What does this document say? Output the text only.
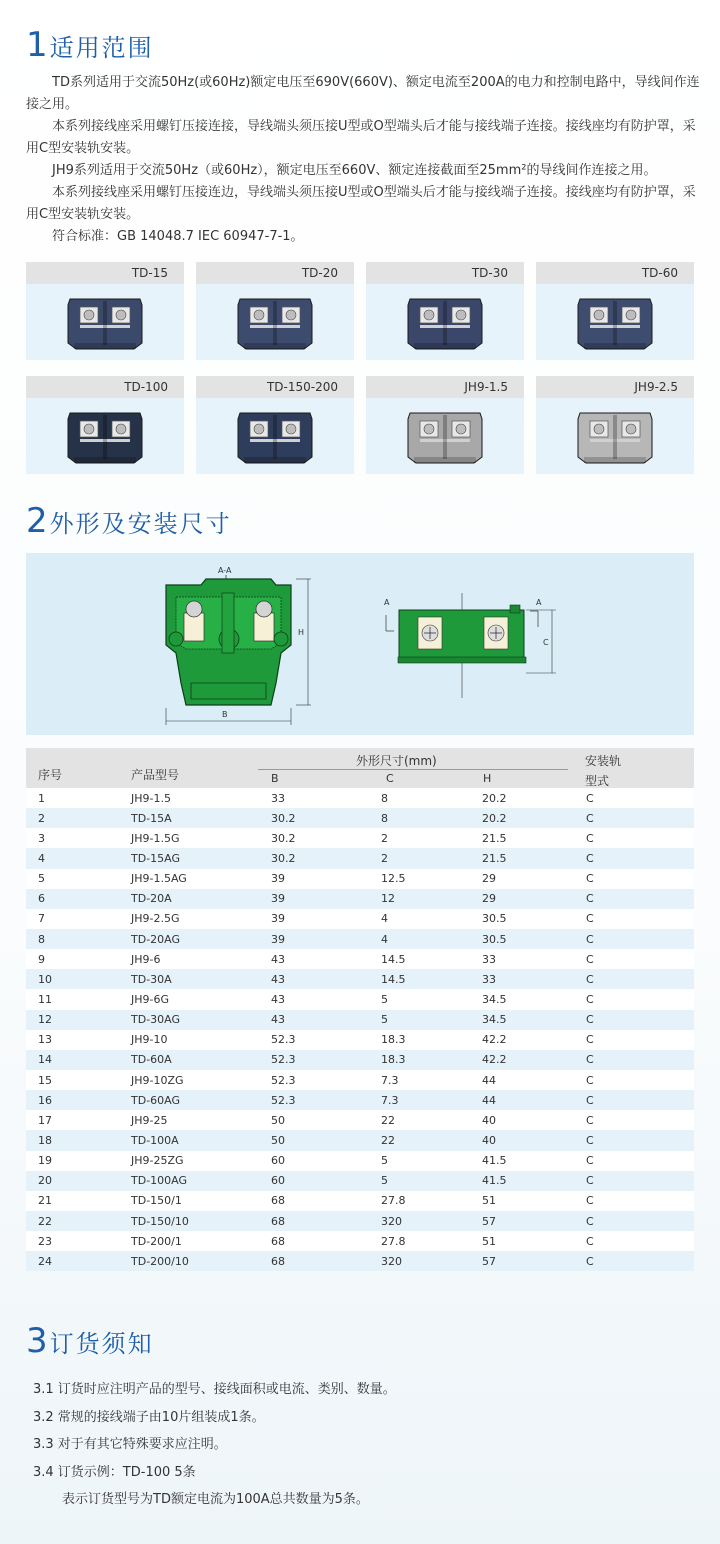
1 适用范围

TD系列适用于交流50Hz(或60Hz)额定电压至690V(660V)、额定电流至200A的电力和控制电路中，导线间作连接之用。

本系列接线座采用螺钉压接连接，导线端头须压接U型或O型端头后才能与接线端子连接。接线座均有防护罩，采用C型安装轨安装。

JH9系列适用于交流50Hz（或60Hz），额定电压至660V、额定连接截面至25mm²的导线间作连接之用。

本系列接线座采用螺钉压接连边，导线端头须压接U型或O型端头后才能与接线端子连接。接线座均有防护罩，采用C型安装轨安装。

符合标准：GB 14048.7 IEC 60947-7-1。

TD-15	TD-20	TD-30	TD-60
TD-100	TD-150-200	JH9-1.5	JH9-2.5
2 外形及安装尺寸
A-A
H
B
A	A
C
序号	产品型号
外形尺寸(mm)
B	C	H
安装轨
型式
1	JH9-1.5	33	8	20.2	C
2	TD-15A	30.2	8	20.2	C
3	JH9-1.5G	30.2	2	21.5	C
4	TD-15AG	30.2	2	21.5	C
5	JH9-1.5AG	39	12.5	29	C
6	TD-20A	39	12	29	C
7	JH9-2.5G	39	4	30.5	C
8	TD-20AG	39	4	30.5	C
9	JH9-6	43	14.5	33	C
10	TD-30A	43	14.5	33	C
11	JH9-6G	43	5	34.5	C
12	TD-30AG	43	5	34.5	C
13	JH9-10	52.3	18.3	42.2	C
14	TD-60A	52.3	18.3	42.2	C
15	JH9-10ZG	52.3	7.3	44	C
16	TD-60AG	52.3	7.3	44	C
17	JH9-25	50	22	40	C
18	TD-100A	50	22	40	C
19	JH9-25ZG	60	5	41.5	C
20	TD-100AG	60	5	41.5	C
21	TD-150/1	68	27.8	51	C
22	TD-150/10	68	320	57	C
23	TD-200/1	68	27.8	51	C
24	TD-200/10	68	320	57	C
3 订货须知
3.1 订货时应注明产品的型号、接线面积或电流、类别、数量。
3.2 常规的接线端子由10片组装成1条。
3.3 对于有其它特殊要求应注明。
3.4 订货示例：TD-100 5条
表示订货型号为TD额定电流为100A总共数量为5条。
